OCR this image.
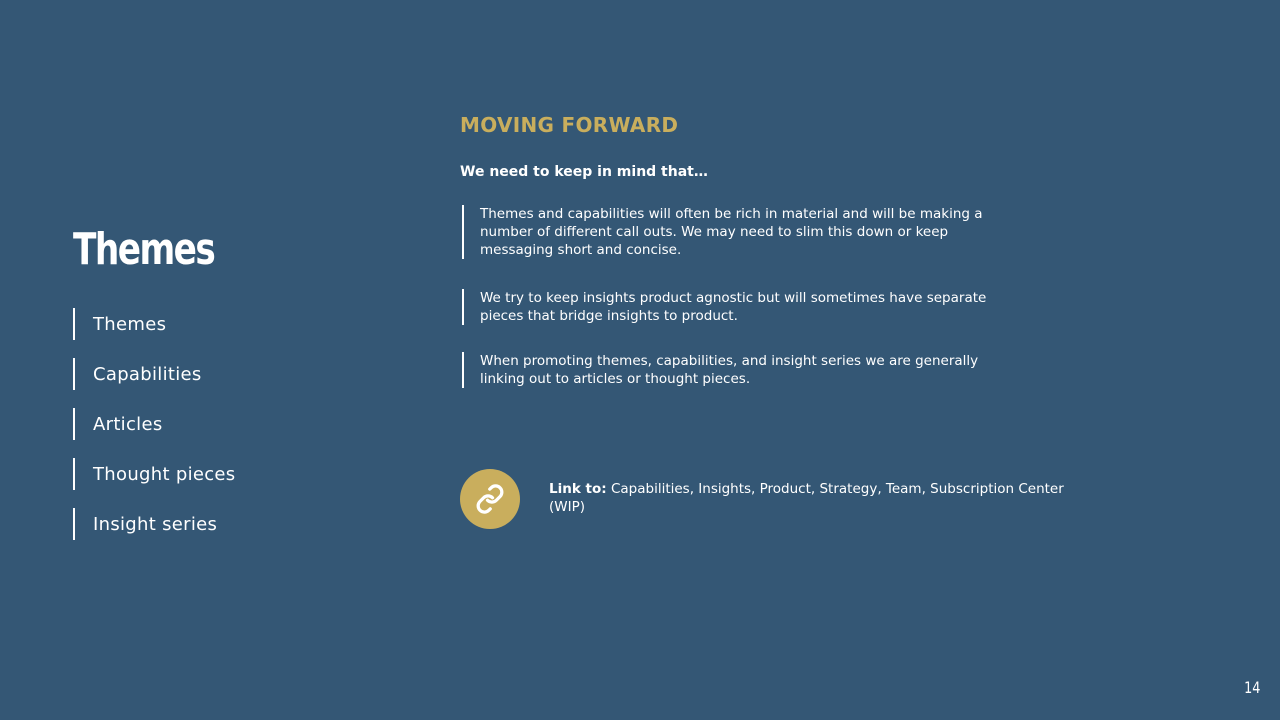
Themes
Themes
Capabilities
Articles
Thought pieces
Insight series
MOVING FORWARD

We need to keep in mind that…

Themes and capabilities will often be rich in material and will be making a number of different call outs. We may need to slim this down or keep messaging short and concise.
We try to keep insights product agnostic but will sometimes have separate pieces that bridge insights to product.
When promoting themes, capabilities, and insight series we are generally linking out to articles or thought pieces.

Link to: Capabilities, Insights, Product, Strategy, Team, Subscription Center (WIP)

14
